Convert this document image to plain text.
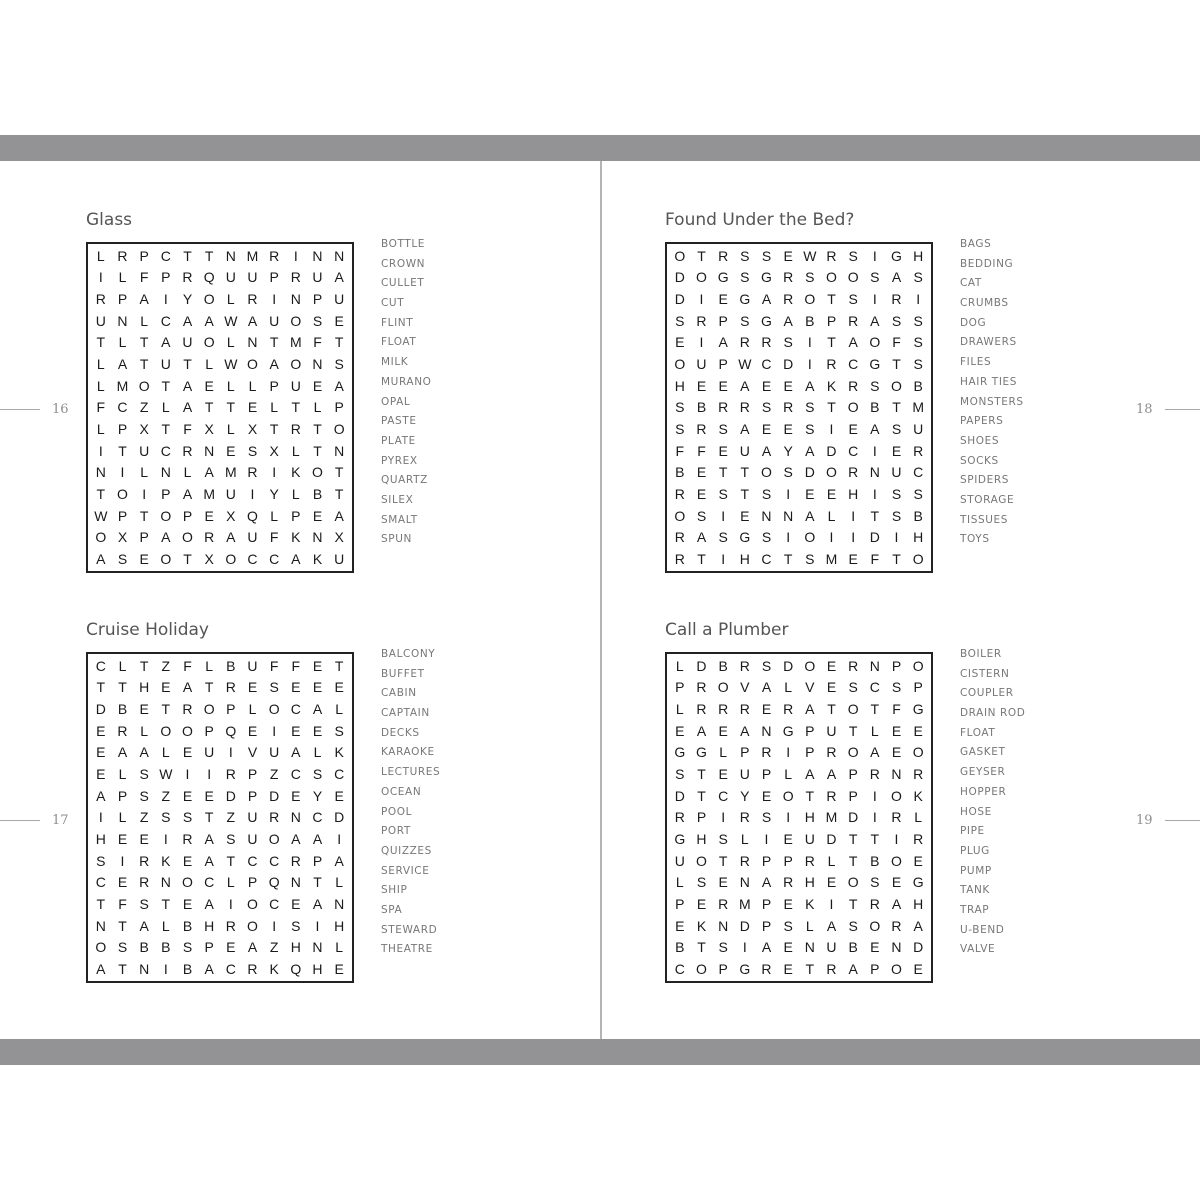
16
17
18
19
Glass
L R P C T T N M R	I	N N
I	L F P R Q U U P R U A
R P A	I	Y O L R	I	N P U
U N L C A A W A U O S E
T L T A U O L N T M F T
L A T U T L W O A O N S
L M O T A E L L P U E A
F C Z L A T T E L T L P
L P X T F X L X T R T O
I	T U C R N E S X L T N
N	I	L N L A M R	I	K O T
T O	I	P A M U	I	Y L B T
W P T O P E X Q L P E A
O X P A O R A U F K N X
A S E O T X O C C A K U
BOTTLE
CROWN
CULLET
CUT
FLINT
FLOAT
MILK
MURANO
OPAL
PASTE
PLATE
PYREX
QUARTZ
SILEX
SMALT
SPUN
Found Under the Bed?
O T R S S E W R S	I	G H
D O G S G R S O O S A S
D	I	E G A R O T S	I	R	I
S R P S G A B P R A S S
E	I	A R R S	I	T A O F S
O U P W C D	I	R C G T S
H E E A E E A K R S O B
S B R R S R S T O B T M
S R S A E E S	I	E A S U
F F E U A Y A D C	I	E R
B E T T O S D O R N U C
R E S T S	I	E E H	I	S S
O S	I	E N N A L	I	T S B
R A S G S	I	O	I	I	D	I	H
R T	I	H C T S M E F T O
BAGS
BEDDING
CAT
CRUMBS
DOG
DRAWERS
FILES
HAIR TIES
MONSTERS
PAPERS
SHOES
SOCKS
SPIDERS
STORAGE
TISSUES
TOYS
Cruise Holiday
C L T Z F L B U F F E T
T T H E A T R E S E E E
D B E T R O P L O C A L
E R L O O P Q E	I	E E S
E A A L E U	I	V U A L K
E L S W I	I	R P Z C S C
A P S Z E E D P D E Y E
I	L Z S S T Z U R N C D
H E E	I	R A S U O A A	I
S	I	R K E A T C C R P A
C E R N O C L P Q N T L
T F S T E A	I	O C E A N
N T A L B H R O	I	S	I	H
O S B B S P E A Z H N L
A T N	I	B A C R K Q H E
BALCONY
BUFFET
CABIN
CAPTAIN
DECKS
KARAOKE
LECTURES
OCEAN
POOL
PORT
QUIZZES
SERVICE
SHIP
SPA
STEWARD
THEATRE
Call a Plumber
L D B R S D O E R N P O
P R O V A L V E S C S P
L R R R E R A T O T F G
E A E A N G P U T L E E
G G L P R	I	P R O A E O
S T E U P L A A P R N R
D T C Y E O T R P	I	O K
R P	I	R S	I	H M D	I	R L
G H S L	I	E U D T T	I	R
U O T R P P R L T B O E
L S E N A R H E O S E G
P E R M P E K	I	T R A H
E K N D P S L A S O R A
B T S	I	A E N U B E N D
C O P G R E T R A P O E
BOILER
CISTERN
COUPLER
DRAIN ROD
FLOAT
GASKET
GEYSER
HOPPER
HOSE
PIPE
PLUG
PUMP
TANK
TRAP
U-BEND
VALVE
